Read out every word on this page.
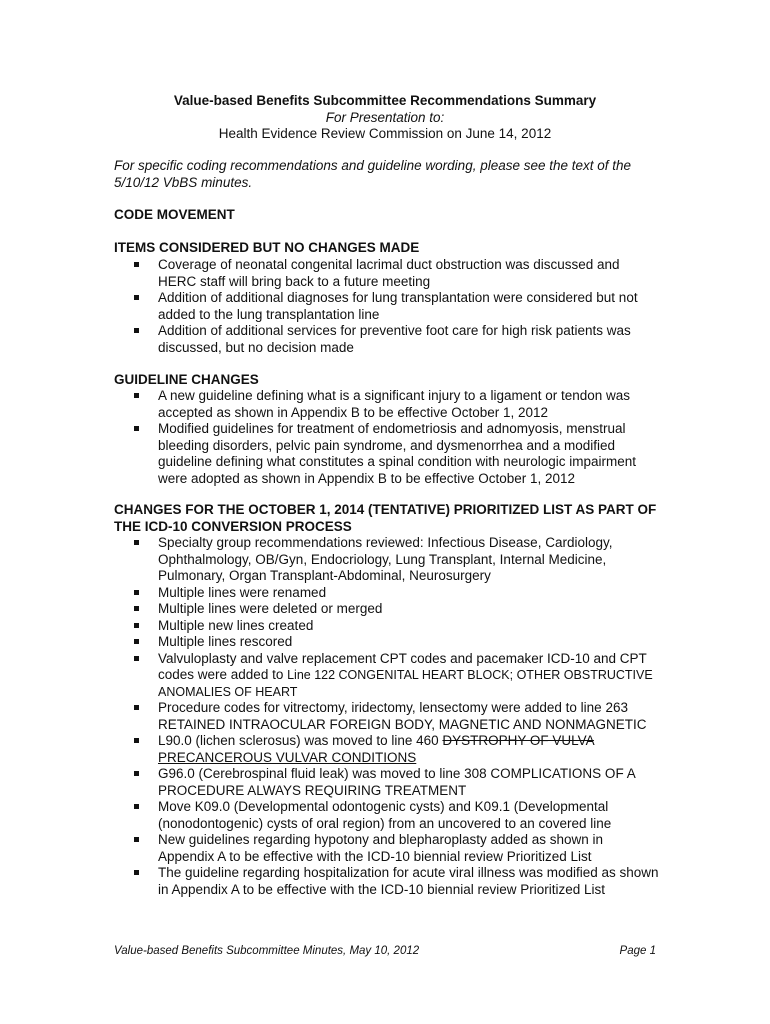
Value-based Benefits Subcommittee Recommendations Summary
For Presentation to:
Health Evidence Review Commission on June 14, 2012
For specific coding recommendations and guideline wording, please see the text of the 5/10/12 VbBS minutes.
CODE MOVEMENT
ITEMS CONSIDERED BUT NO CHANGES MADE
Coverage of neonatal congenital lacrimal duct obstruction was discussed and HERC staff will bring back to a future meeting
Addition of additional diagnoses for lung transplantation were considered but not added to the lung transplantation line
Addition of additional services for preventive foot care for high risk patients was discussed, but no decision made
GUIDELINE CHANGES
A new guideline defining what is a significant injury to a ligament or tendon was accepted as shown in Appendix B to be effective October 1, 2012
Modified guidelines for treatment of endometriosis and adnomyosis, menstrual bleeding disorders, pelvic pain syndrome, and dysmenorrhea and a modified guideline defining what constitutes a spinal condition with neurologic impairment were adopted as shown in Appendix B to be effective October 1, 2012
CHANGES FOR THE OCTOBER 1, 2014 (TENTATIVE) PRIORITIZED LIST AS PART OF THE ICD-10 CONVERSION PROCESS
Specialty group recommendations reviewed: Infectious Disease, Cardiology, Ophthalmology, OB/Gyn, Endocriology, Lung Transplant, Internal Medicine, Pulmonary, Organ Transplant-Abdominal, Neurosurgery
Multiple lines were renamed
Multiple lines were deleted or merged
Multiple new lines created
Multiple lines rescored
Valvuloplasty and valve replacement CPT codes and pacemaker ICD-10 and CPT codes were added to Line 122 CONGENITAL HEART BLOCK; OTHER OBSTRUCTIVE ANOMALIES OF HEART
Procedure codes for vitrectomy, iridectomy, lensectomy were added to line 263 RETAINED INTRAOCULAR FOREIGN BODY, MAGNETIC AND NONMAGNETIC
L90.0 (lichen sclerosus) was moved to line 460 DYSTROPHY OF VULVA PRECANCEROUS VULVAR CONDITIONS
G96.0 (Cerebrospinal fluid leak) was moved to line 308 COMPLICATIONS OF A PROCEDURE ALWAYS REQUIRING TREATMENT
Move K09.0 (Developmental odontogenic cysts) and K09.1 (Developmental (nonodontogenic) cysts of oral region) from an uncovered to an covered line
New guidelines regarding hypotony and blepharoplasty added as shown in Appendix A to be effective with the ICD-10 biennial review Prioritized List
The guideline regarding hospitalization for acute viral illness was modified as shown in Appendix A to be effective with the ICD-10 biennial review Prioritized List
Value-based Benefits Subcommittee Minutes, May 10, 2012	Page 1
